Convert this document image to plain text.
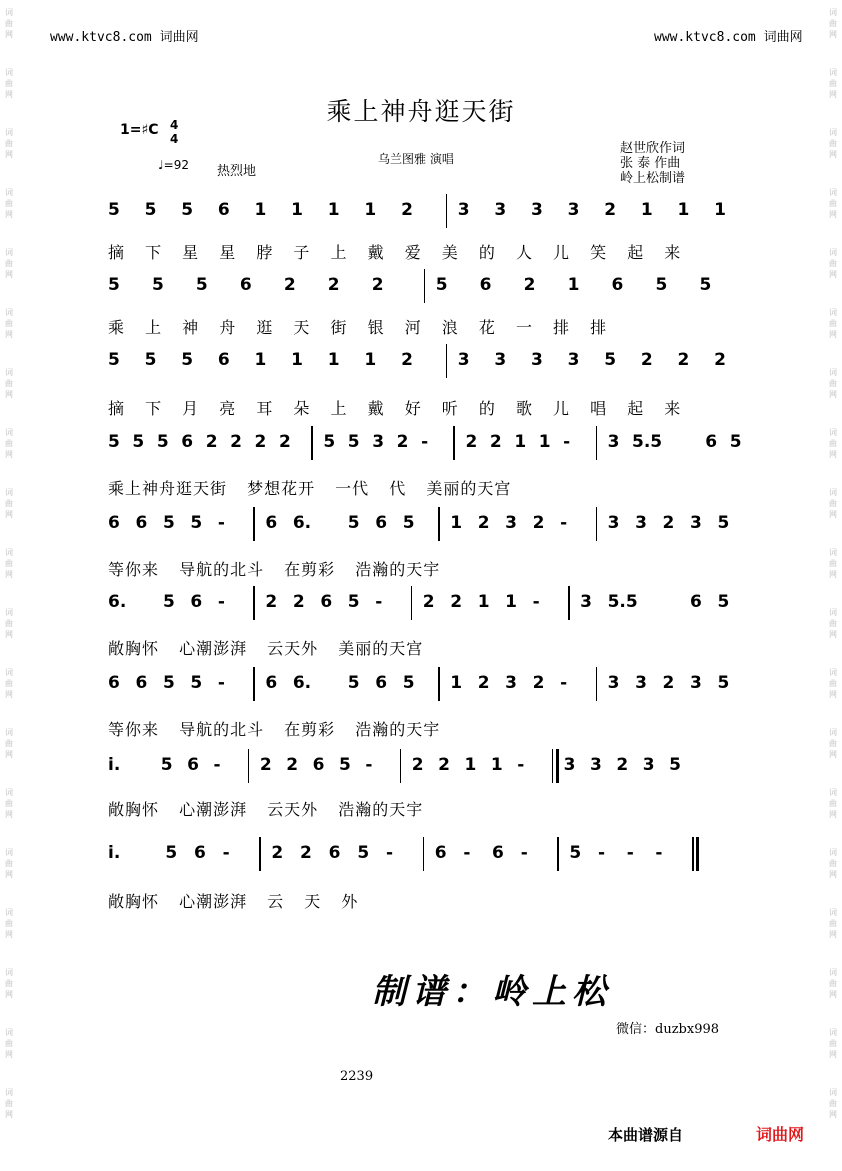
词
曲
网
词
曲
网
词
曲
网
词
曲
网
词
曲
网
词
曲
网
词
曲
网
词
曲
网
词
曲
网
词
曲
网
词
曲
网
词
曲
网
词
曲
网
词
曲
网
词
曲
网
词
曲
网
词
曲
网
词
曲
网
词
曲
网
词
曲
网
词
曲
网
词
曲
网
词
曲
网
词
曲
网
词
曲
网
词
曲
网
词
曲
网
词
曲
网
词
曲
网
词
曲
网
词
曲
网
词
曲
网
词
曲
网
词
曲
网
词
曲
网
词
曲
网
词
曲
网
词
曲
网
www.ktvc8.com 词曲网	www.ktvc8.com 词曲网
乘上神舟逛天街
1=♯C 4
4
♩=92 热烈地
乌兰图雅 演唱
赵世欣作词
张 泰 作曲
岭上松制谱
5 5 5 6 1 1 1 1 2	3 3 3 3 2 1 1 1
摘 下 星 星 脖 子 上 戴 爱 美 的 人 儿 笑 起 来
5 5 5 6 2 2 2	5 6 2 1 6 5 5
乘 上 神 舟 逛 天 街 银 河 浪 花 一 排 排
5 5 5 6 1 1 1 1 2	3 3 3 3 5 2 2 2
摘 下 月 亮 耳 朵 上 戴 好 听 的 歌 儿 唱 起 来
5 5 5 6 2 2 2 2 5 5 3 2 - 2 2 1 1 - 3 5.5	6 5
乘上神舟逛天街 梦想花开 一代 代 美丽的天宫
6 6 5 5 - 6 6. 5 6 5 1 2 3 2 - 3 3 2 3 5
等你来 导航的北斗 在剪彩 浩瀚的天宇
6. 5 6 - 2 2 6 5 - 2 2 1 1 - 3 5.5	6 5
敞胸怀 心潮澎湃 云天外 美丽的天宫
6 6 5 5 - 6 6. 5 6 5 1 2 3 2 - 3 3 2 3 5
等你来 导航的北斗 在剪彩 浩瀚的天宇
i. 5 6 - 2 2 6 5 - 2 2 1 1 - 3 3 2 3 5
敞胸怀 心潮澎湃 云天外 浩瀚的天宇
i.	5 6 - 2 2 6 5 - 6 - 6 - 5 - - -
敞胸怀 心潮澎湃 云 天 外
制谱：岭上松
微信：duzbx998
2239
本曲谱源自	词曲网
